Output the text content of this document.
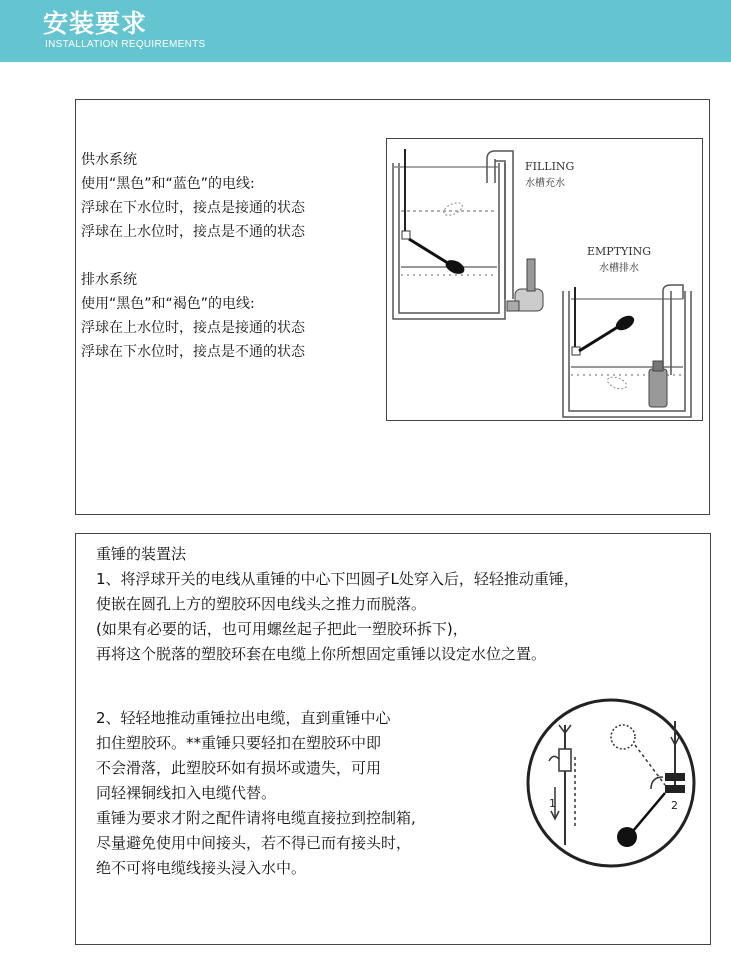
安装要求
INSTALLATION REQUIREMENTS
供水系统
使用“黑色”和“蓝色”的电线:
浮球在下水位时，接点是接通的状态
浮球在上水位时，接点是不通的状态
排水系统
使用“黑色”和“褐色”的电线:
浮球在上水位时，接点是接通的状态
浮球在下水位时，接点是不通的状态
FILLING
水槽充水
EMPTYING
水槽排水
重锤的装置法
1、将浮球开关的电线从重锤的中心下凹圆孑L处穿入后，轻轻推动重锤，
使嵌在圆孔上方的塑胶环因电线头之推力而脱落。
(如果有必要的话，也可用螺丝起子把此一塑胶环拆下)，
再将这个脱落的塑胶环套在电缆上你所想固定重锤以设定水位之置。
2、轻轻地推动重锤拉出电缆，直到重锤中心
扣住塑胶环。**重锤只要轻扣在塑胶环中即
不会滑落，此塑胶环如有损坏或遗失，可用
同轻裸铜线扣入电缆代替。
重锤为要求才附之配件请将电缆直接拉到控制箱,
尽量避免使用中间接头，若不得已而有接头时，
绝不可将电缆线接头浸入水中。
1	2
